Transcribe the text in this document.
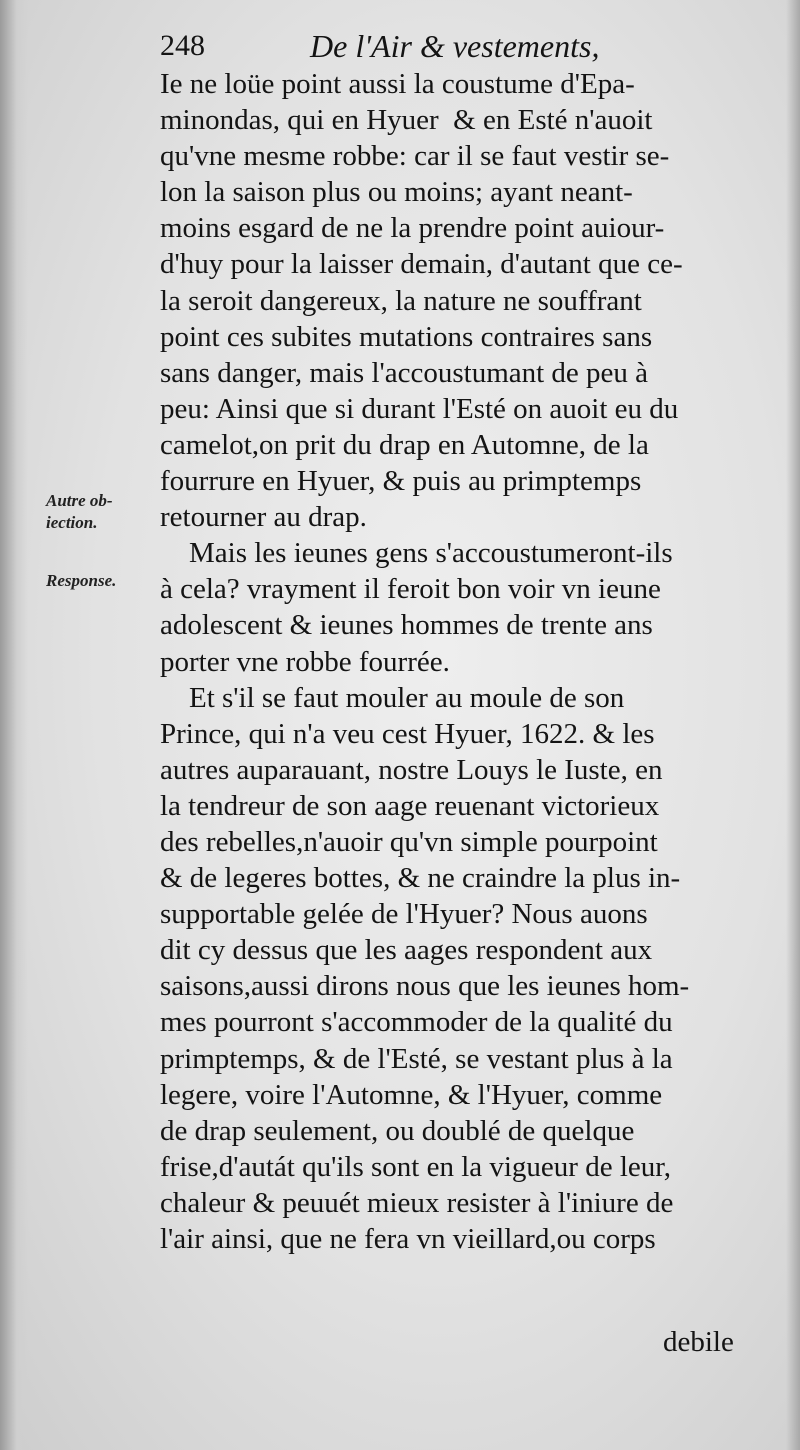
248	De l'Air & vestements,
Autre ob-
iection.
Response.
Ie ne loüe point aussi la coustume d'Epa-
minondas, qui en Hyuer  & en Esté n'auoit
qu'vne mesme robbe: car il se faut vestir se-
lon la saison plus ou moins; ayant neant-
moins esgard de ne la prendre point auiour-
d'huy pour la laisser demain, d'autant que ce-
la seroit dangereux, la nature ne souffrant
point ces subites mutations contraires sans
sans danger, mais l'accoustumant de peu à
peu: Ainsi que si durant l'Esté on auoit eu du
camelot,on prit du drap en Automne, de la
fourrure en Hyuer, & puis au primptemps
retourner au drap.
Mais les ieunes gens s'accoustumeront-ils
à cela? vrayment il feroit bon voir vn ieune
adolescent & ieunes hommes de trente ans
porter vne robbe fourrée.
Et s'il se faut mouler au moule de son
Prince, qui n'a veu cest Hyuer, 1622. & les
autres auparauant, nostre Louys le Iuste, en
la tendreur de son aage reuenant victorieux
des rebelles,n'auoir qu'vn simple pourpoint
& de legeres bottes, & ne craindre la plus in-
supportable gelée de l'Hyuer? Nous auons
dit cy dessus que les aages respondent aux
saisons,aussi dirons nous que les ieunes hom-
mes pourront s'accommoder de la qualité du
primptemps, & de l'Esté, se vestant plus à la
legere, voire l'Automne, & l'Hyuer, comme
de drap seulement, ou doublé de quelque
frise,d'autát qu'ils sont en la vigueur de leur,
chaleur & peuuét mieux resister à l'iniure de
l'air ainsi, que ne fera vn vieillard,ou corps
debile
